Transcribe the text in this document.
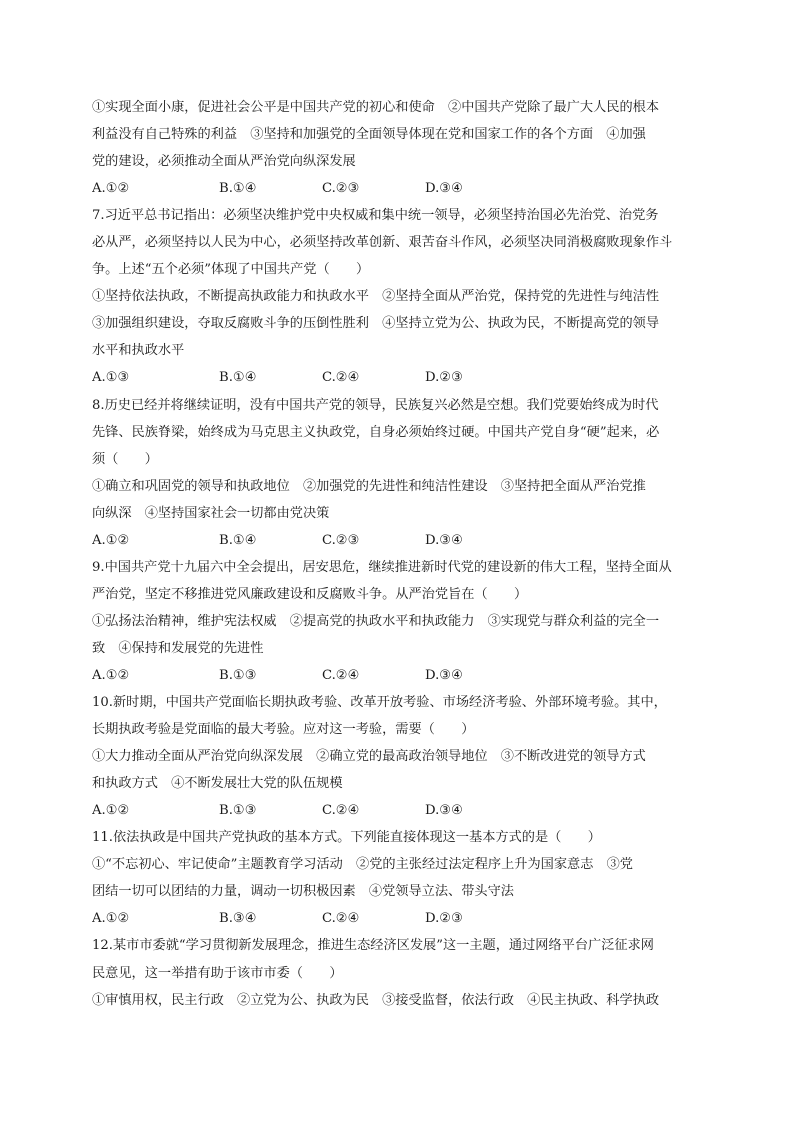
①实现全面小康，促进社会公平是中国共产党的初心和使命　②中国共产党除了最广大人民的根本
利益没有自己特殊的利益　③坚持和加强党的全面领导体现在党和国家工作的各个方面　④加强
党的建设，必须推动全面从严治党向纵深发展
A.①②	B.①④	C.②③	D.③④
7.习近平总书记指出：必须坚决维护党中央权威和集中统一领导，必须坚持治国必先治党、治党务
必从严，必须坚持以人民为中心，必须坚持改革创新、艰苦奋斗作风，必须坚决同消极腐败现象作斗
争。上述“五个必须”体现了中国共产党（　　）
①坚持依法执政，不断提高执政能力和执政水平　②坚持全面从严治党，保持党的先进性与纯洁性
③加强组织建设，夺取反腐败斗争的压倒性胜利　④坚持立党为公、执政为民，不断提高党的领导
水平和执政水平
A.①③	B.①④	C.②④	D.②③
8.历史已经并将继续证明，没有中国共产党的领导，民族复兴必然是空想。我们党要始终成为时代
先锋、民族脊梁，始终成为马克思主义执政党，自身必须始终过硬。中国共产党自身“硬”起来，必
须（　　）
①确立和巩固党的领导和执政地位　②加强党的先进性和纯洁性建设　③坚持把全面从严治党推
向纵深　④坚持国家社会一切都由党决策
A.①②	B.①④	C.②③	D.③④
9.中国共产党十九届六中全会提出，居安思危，继续推进新时代党的建设新的伟大工程，坚持全面从
严治党，坚定不移推进党风廉政建设和反腐败斗争。从严治党旨在（　　）
①弘扬法治精神，维护宪法权威　②提高党的执政水平和执政能力　③实现党与群众利益的完全一
致　④保持和发展党的先进性
A.①②	B.①③	C.②④	D.③④
10.新时期，中国共产党面临长期执政考验、改革开放考验、市场经济考验、外部环境考验。其中，
长期执政考验是党面临的最大考验。应对这一考验，需要（　　）
①大力推动全面从严治党向纵深发展　②确立党的最高政治领导地位　③不断改进党的领导方式
和执政方式　④不断发展壮大党的队伍规模
A.①②	B.①③	C.②④	D.③④
11.依法执政是中国共产党执政的基本方式。下列能直接体现这一基本方式的是（　　）
①“不忘初心、牢记使命”主题教育学习活动　②党的主张经过法定程序上升为国家意志　③党
团结一切可以团结的力量，调动一切积极因素　④党领导立法、带头守法
A.①②	B.③④	C.②④	D.②③
12.某市市委就“学习贯彻新发展理念，推进生态经济区发展”这一主题，通过网络平台广泛征求网
民意见，这一举措有助于该市市委（　　）
①审慎用权，民主行政　②立党为公、执政为民　③接受监督，依法行政　④民主执政、科学执政
